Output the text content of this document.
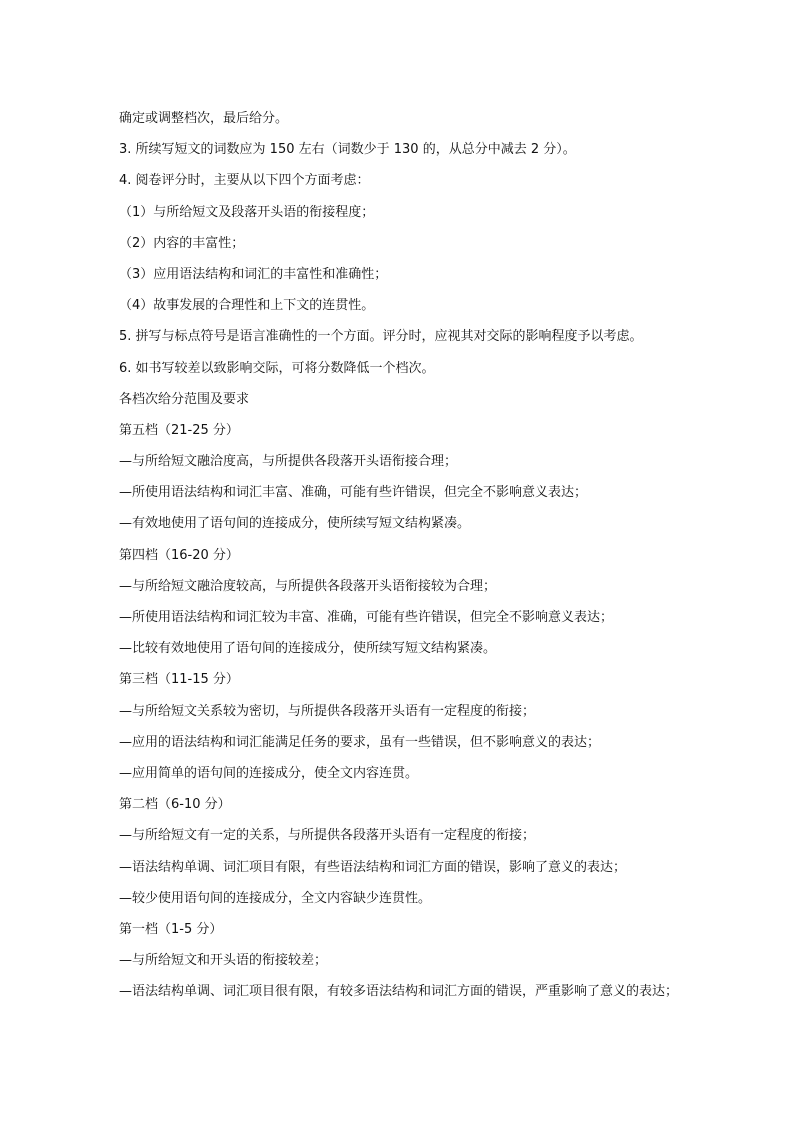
确定或调整档次，最后给分。
3. 所续写短文的词数应为 150 左右（词数少于 130 的，从总分中减去 2 分）。
4. 阅卷评分时，主要从以下四个方面考虑：
（1）与所给短文及段落开头语的衔接程度；
（2）内容的丰富性；
（3）应用语法结构和词汇的丰富性和准确性；
（4）故事发展的合理性和上下文的连贯性。
5. 拼写与标点符号是语言准确性的一个方面。评分时，应视其对交际的影响程度予以考虑。
6. 如书写较差以致影响交际，可将分数降低一个档次。
各档次给分范围及要求
第五档（21-25 分）
—与所给短文融洽度高，与所提供各段落开头语衔接合理；
—所使用语法结构和词汇丰富、准确，可能有些许错误，但完全不影响意义表达；
—有效地使用了语句间的连接成分，使所续写短文结构紧凑。
第四档（16-20 分）
—与所给短文融洽度较高，与所提供各段落开头语衔接较为合理；
—所使用语法结构和词汇较为丰富、准确，可能有些许错误，但完全不影响意义表达；
—比较有效地使用了语句间的连接成分，使所续写短文结构紧凑。
第三档（11-15 分）
—与所给短文关系较为密切，与所提供各段落开头语有一定程度的衔接；
—应用的语法结构和词汇能满足任务的要求，虽有一些错误，但不影响意义的表达；
—应用简单的语句间的连接成分，使全文内容连贯。
第二档（6-10 分）
—与所给短文有一定的关系，与所提供各段落开头语有一定程度的衔接；
—语法结构单调、词汇项目有限，有些语法结构和词汇方面的错误，影响了意义的表达；
—较少使用语句间的连接成分，全文内容缺少连贯性。
第一档（1-5 分）
—与所给短文和开头语的衔接较差；
—语法结构单调、词汇项目很有限，有较多语法结构和词汇方面的错误，严重影响了意义的表达；
